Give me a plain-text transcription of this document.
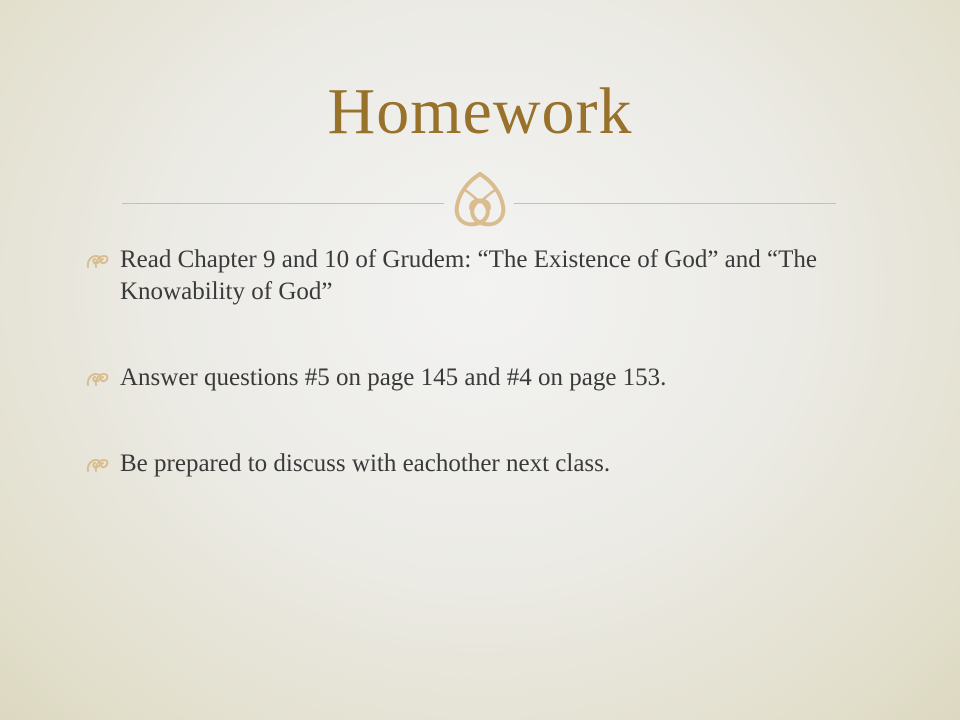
Homework
Read Chapter 9 and 10 of Grudem: “The Existence of God” and “The Knowability of God”
Answer questions #5 on page 145 and #4 on page 153.
Be prepared to discuss with eachother next class.
